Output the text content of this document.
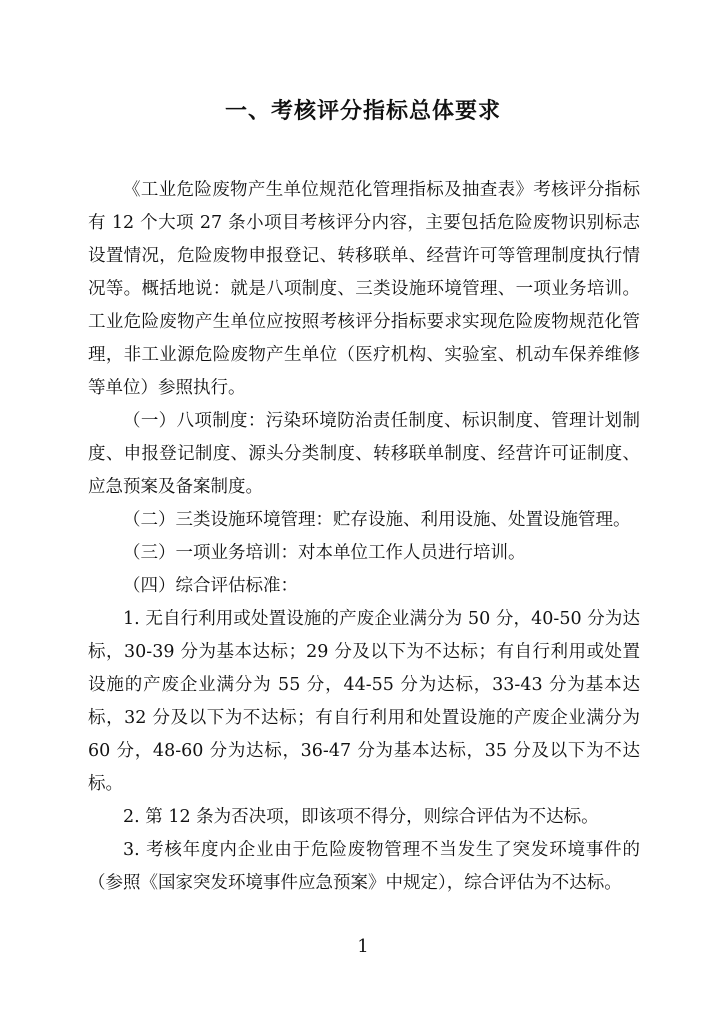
一、考核评分指标总体要求

《工业危险废物产生单位规范化管理指标及抽查表》考核评分指标有 12 个大项 27 条小项目考核评分内容，主要包括危险废物识别标志设置情况，危险废物申报登记、转移联单、经营许可等管理制度执行情况等。概括地说：就是八项制度、三类设施环境管理、一项业务培训。工业危险废物产生单位应按照考核评分指标要求实现危险废物规范化管理，非工业源危险废物产生单位（医疗机构、实验室、机动车保养维修等单位）参照执行。

（一）八项制度：污染环境防治责任制度、标识制度、管理计划制度、申报登记制度、源头分类制度、转移联单制度、经营许可证制度、应急预案及备案制度。

（二）三类设施环境管理：贮存设施、利用设施、处置设施管理。

（三）一项业务培训：对本单位工作人员进行培训。

（四）综合评估标准：

1. 无自行利用或处置设施的产废企业满分为 50 分，40-50 分为达标，30-39 分为基本达标；29 分及以下为不达标；有自行利用或处置设施的产废企业满分为 55 分，44-55 分为达标，33-43 分为基本达标，32 分及以下为不达标；有自行利用和处置设施的产废企业满分为 60 分，48-60 分为达标，36-47 分为基本达标，35 分及以下为不达标。

2. 第 12 条为否决项，即该项不得分，则综合评估为不达标。

3. 考核年度内企业由于危险废物管理不当发生了突发环境事件的（参照《国家突发环境事件应急预案》中规定），综合评估为不达标。

1
